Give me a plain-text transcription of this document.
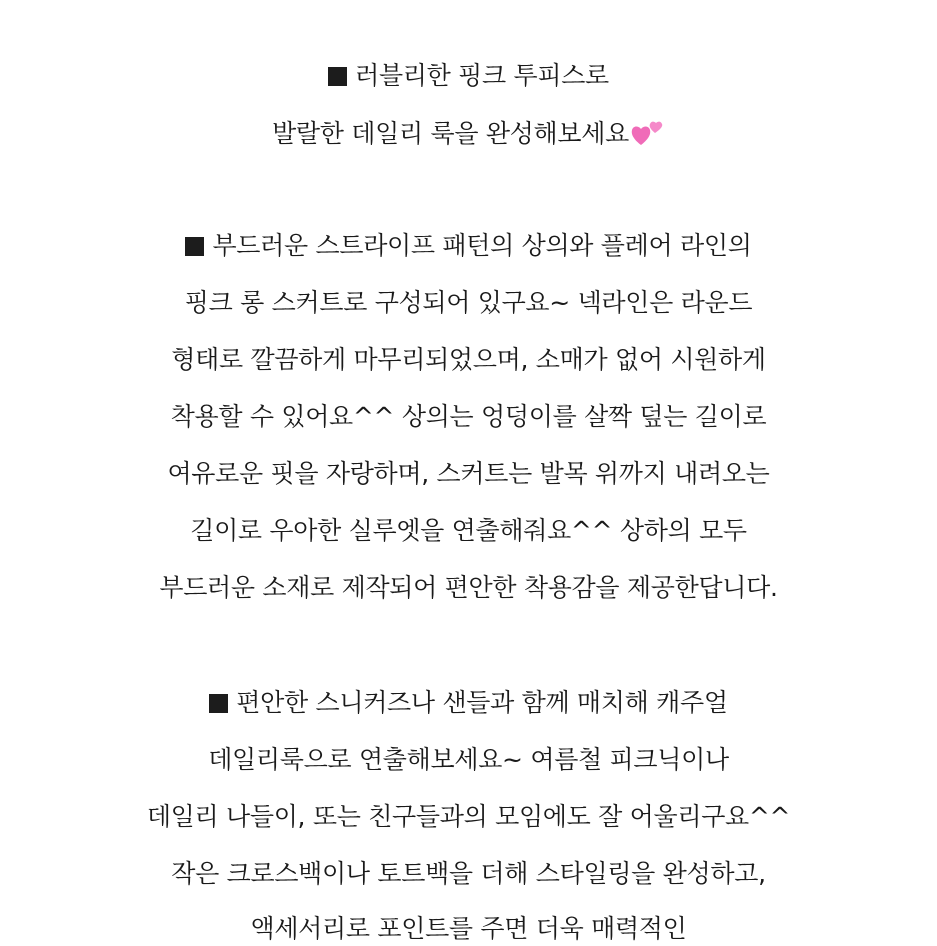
러블리한 핑크 투피스로
발랄한 데일리 룩을 완성해보세요
부드러운 스트라이프 패턴의 상의와 플레어 라인의
핑크 롱 스커트로 구성되어 있구요~ 넥라인은 라운드
형태로 깔끔하게 마무리되었으며, 소매가 없어 시원하게
착용할 수 있어요^^ 상의는 엉덩이를 살짝 덮는 길이로
여유로운 핏을 자랑하며, 스커트는 발목 위까지 내려오는
길이로 우아한 실루엣을 연출해줘요^^ 상하의 모두
부드러운 소재로 제작되어 편안한 착용감을 제공한답니다.
편안한 스니커즈나 샌들과 함께 매치해 캐주얼
데일리룩으로 연출해보세요~ 여름철 피크닉이나
데일리 나들이, 또는 친구들과의 모임에도 잘 어울리구요^^
작은 크로스백이나 토트백을 더해 스타일링을 완성하고,
액세서리로 포인트를 주면 더욱 매력적인
